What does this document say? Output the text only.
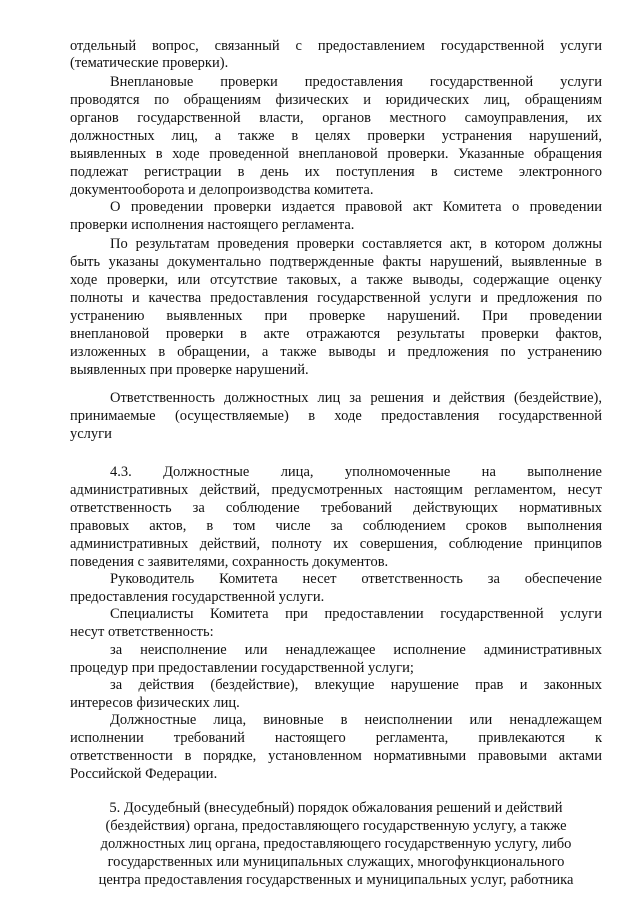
отдельный вопрос, связанный с предоставлением государственной услуги
(тематические проверки).
Внеплановые проверки предоставления государственной услуги
проводятся по обращениям физических и юридических лиц, обращениям
органов государственной власти, органов местного самоуправления, их
должностных лиц, а также в целях проверки устранения нарушений,
выявленных в ходе проведенной внеплановой проверки. Указанные обращения
подлежат регистрации в день их поступления в системе электронного
документооборота и делопроизводства комитета.
О проведении проверки издается правовой акт Комитета о проведении
проверки исполнения настоящего регламента.
По результатам проведения проверки составляется акт, в котором должны
быть указаны документально подтвержденные факты нарушений, выявленные в
ходе проверки, или отсутствие таковых, а также выводы, содержащие оценку
полноты и качества предоставления государственной услуги и предложения по
устранению выявленных при проверке нарушений. При проведении
внеплановой проверки в акте отражаются результаты проверки фактов,
изложенных в обращении, а также выводы и предложения по устранению
выявленных при проверке нарушений.
Ответственность должностных лиц за решения и действия (бездействие),
принимаемые (осуществляемые) в ходе предоставления государственной
услуги
4.3. Должностные лица, уполномоченные на выполнение
административных действий, предусмотренных настоящим регламентом, несут
ответственность за соблюдение требований действующих нормативных
правовых актов, в том числе за соблюдением сроков выполнения
административных действий, полноту их совершения, соблюдение принципов
поведения с заявителями, сохранность документов.
Руководитель Комитета несет ответственность за обеспечение
предоставления государственной услуги.
Специалисты Комитета при предоставлении государственной услуги
несут ответственность:
за неисполнение или ненадлежащее исполнение административных
процедур при предоставлении государственной услуги;
за действия (бездействие), влекущие нарушение прав и законных
интересов физических лиц.
Должностные лица, виновные в неисполнении или ненадлежащем
исполнении требований настоящего регламента, привлекаются к
ответственности в порядке, установленном нормативными правовыми актами
Российской Федерации.
5. Досудебный (внесудебный) порядок обжалования решений и действий
(бездействия) органа, предоставляющего государственную услугу, а также
должностных лиц органа, предоставляющего государственную услугу, либо
государственных или муниципальных служащих, многофункционального
центра предоставления государственных и муниципальных услуг, работника
